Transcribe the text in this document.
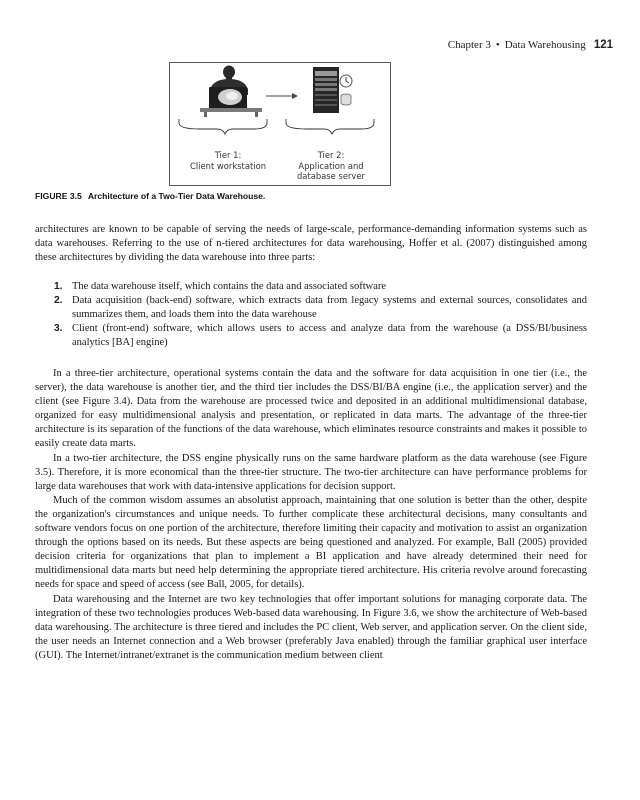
Chapter 3 • Data Warehousing 121
Tier 1:
Client workstation
Tier 2:
Application and
database server
FIGURE 3.5 Architecture of a Two-Tier Data Warehouse.

architectures are known to be capable of serving the needs of large-scale, performance-demanding information systems such as data warehouses. Referring to the use of n-tiered architectures for data warehousing, Hoffer et al. (2007) distinguished among these architectures by dividing the data warehouse into three parts:

1. The data warehouse itself, which contains the data and associated software
2. Data acquisition (back-end) software, which extracts data from legacy systems and external sources, consolidates and summarizes them, and loads them into the data warehouse
3. Client (front-end) software, which allows users to access and analyze data from the warehouse (a DSS/BI/business analytics [BA] engine)

In a three-tier architecture, operational systems contain the data and the software for data acquisition in one tier (i.e., the server), the data warehouse is another tier, and the third tier includes the DSS/BI/BA engine (i.e., the application server) and the client (see Figure 3.4). Data from the warehouse are processed twice and deposited in an additional multidimensional database, organized for easy multidimensional analysis and presentation, or replicated in data marts. The advantage of the three-tier architecture is its separation of the functions of the data warehouse, which eliminates resource constraints and makes it possible to easily create data marts.

In a two-tier architecture, the DSS engine physically runs on the same hardware platform as the data warehouse (see Figure 3.5). Therefore, it is more economical than the three-tier structure. The two-tier architecture can have performance problems for large data warehouses that work with data-intensive applications for decision support.

Much of the common wisdom assumes an absolutist approach, maintaining that one solution is better than the other, despite the organization's circumstances and unique needs. To further complicate these architectural decisions, many consultants and software vendors focus on one portion of the architecture, therefore limiting their capacity and motivation to assist an organization through the options based on its needs. But these aspects are being questioned and analyzed. For example, Ball (2005) provided decision criteria for organizations that plan to implement a BI application and have already determined their need for multidimensional data marts but need help determining the appropriate tiered architecture. His criteria revolve around forecasting needs for space and speed of access (see Ball, 2005, for details).

Data warehousing and the Internet are two key technologies that offer important solutions for managing corporate data. The integration of these two technologies produces Web-based data warehousing. In Figure 3.6, we show the architecture of Web-based data warehousing. The architecture is three tiered and includes the PC client, Web server, and application server. On the client side, the user needs an Internet connection and a Web browser (preferably Java enabled) through the familiar graphical user interface (GUI). The Internet/intranet/extranet is the communication medium between client
